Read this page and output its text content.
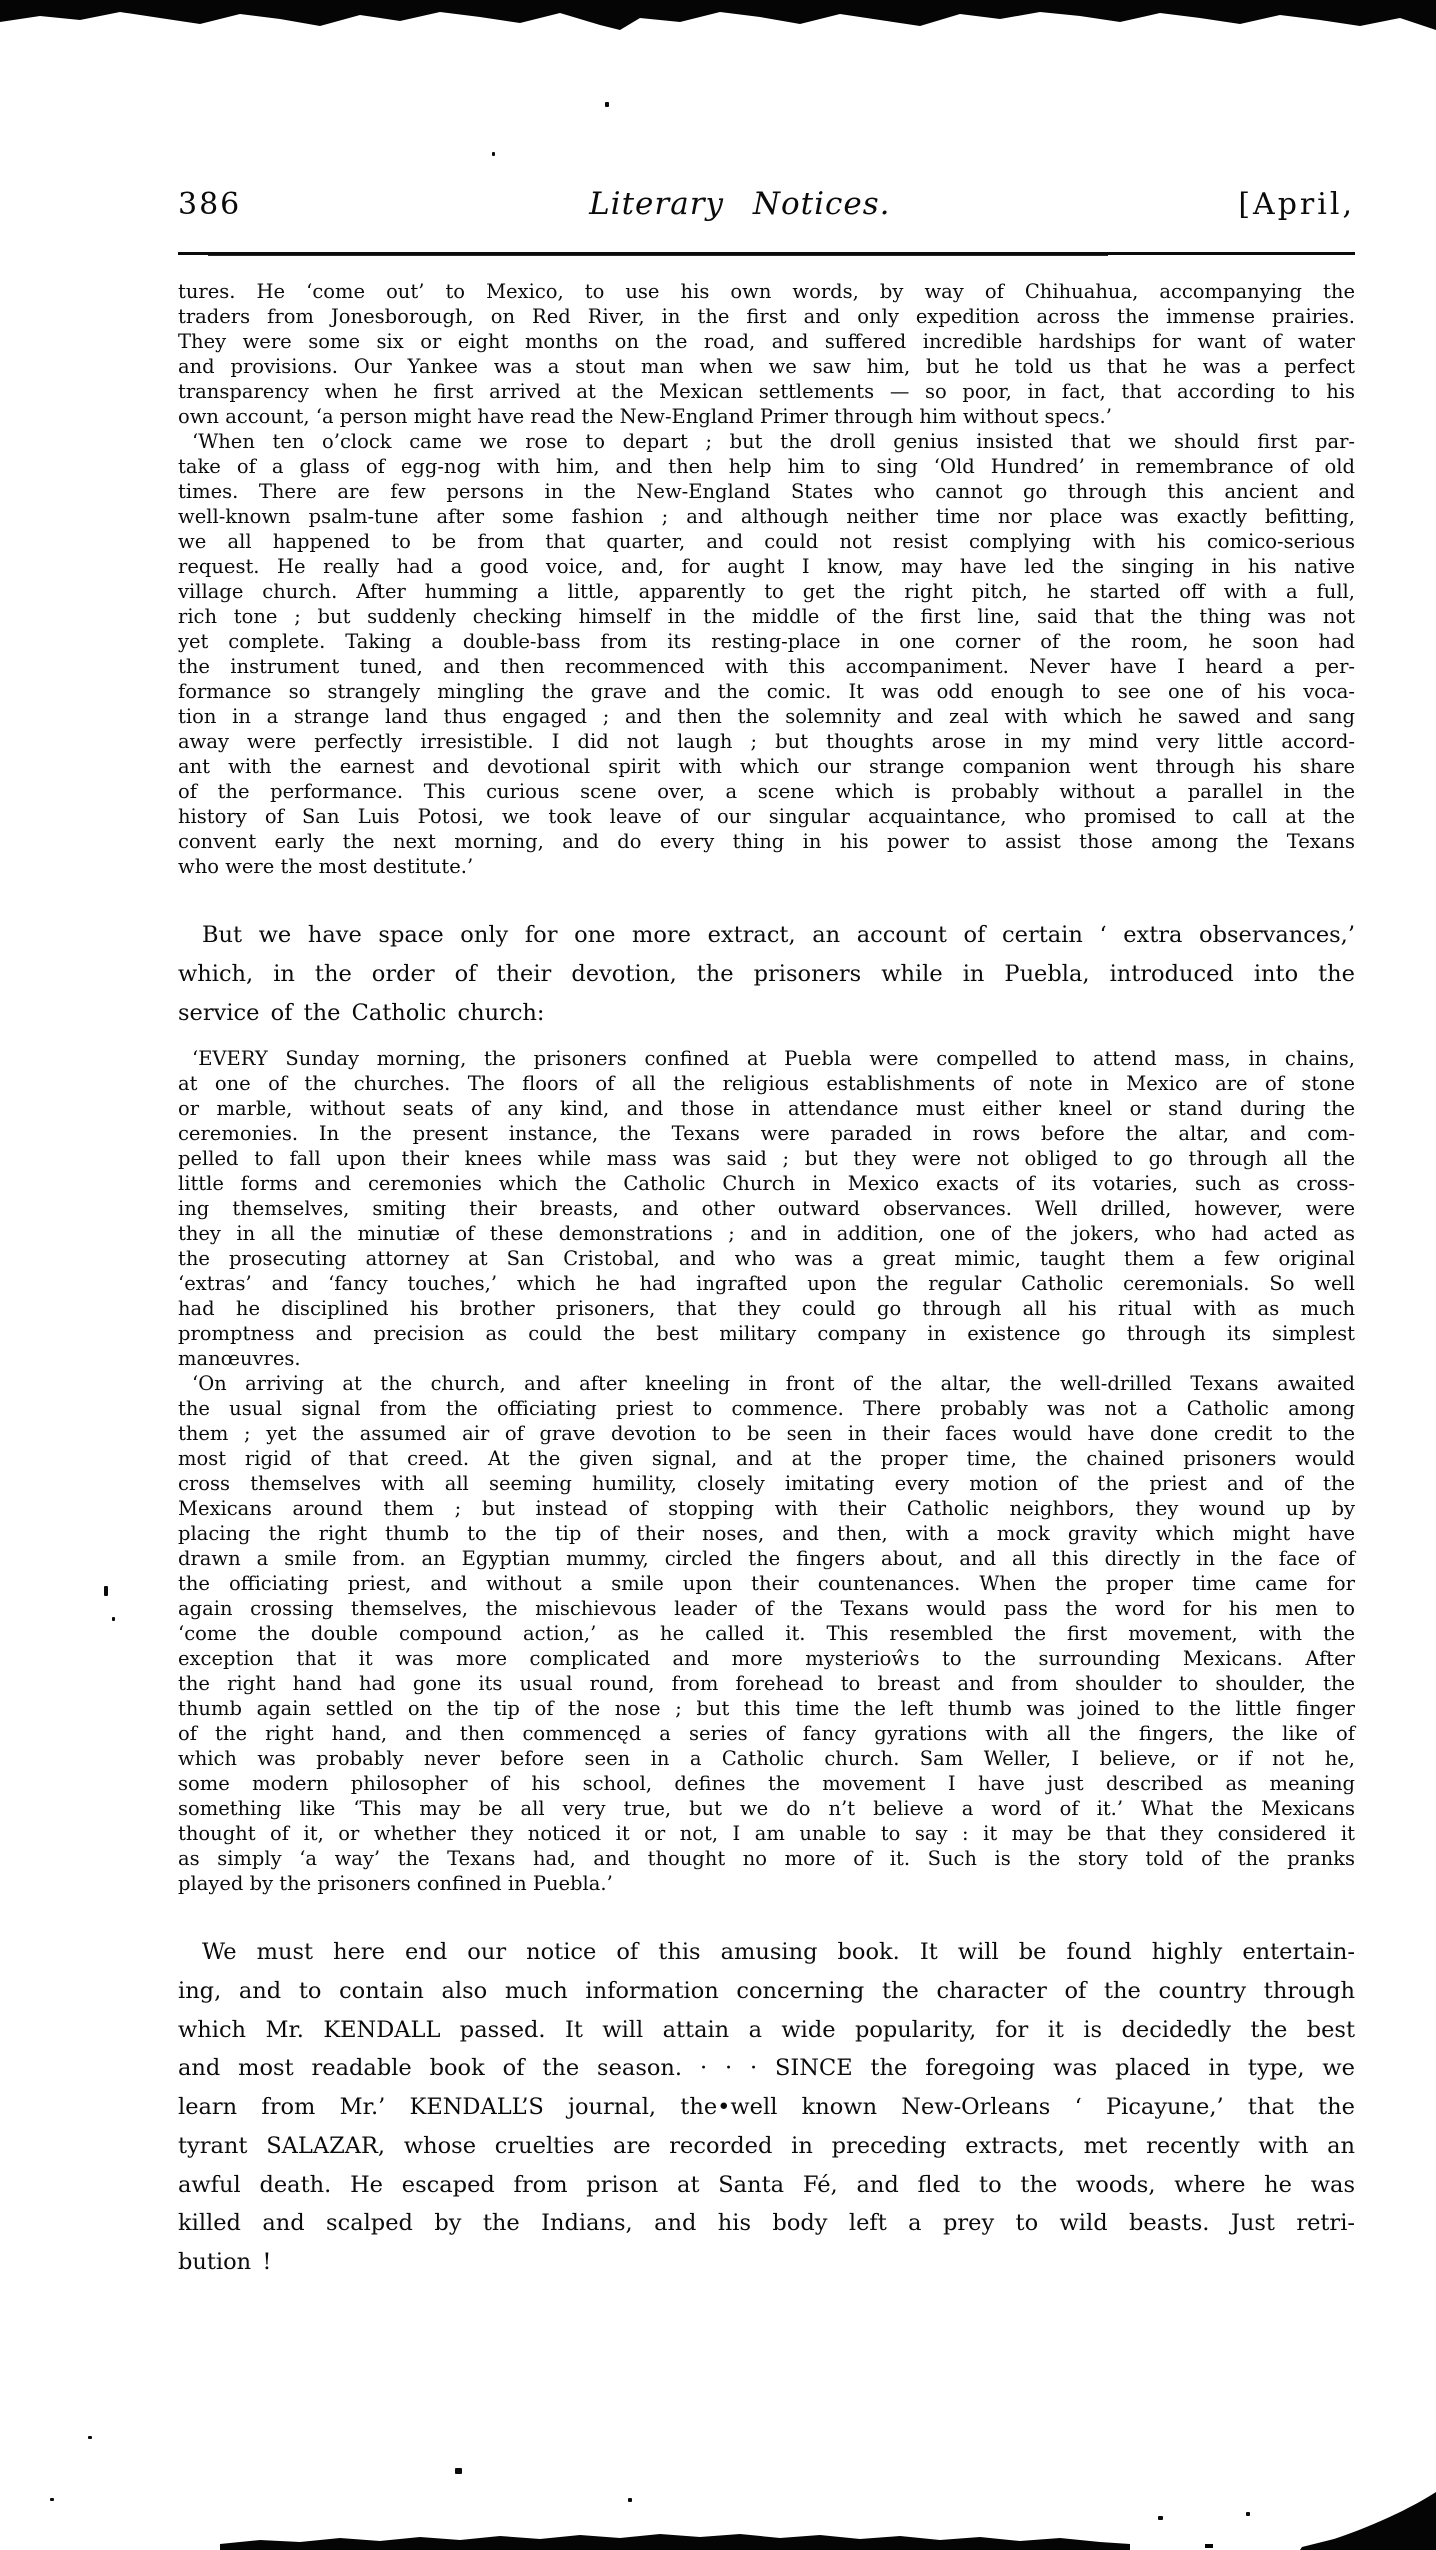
386	Literary Notices.	[April,
tures. He ‘come out’ to Mexico, to use his own words, by way of Chihuahua, accompanying the
traders from Jonesborough, on Red River, in the first and only expedition across the immense prairies.
They were some six or eight months on the road, and suffered incredible hardships for want of water
and provisions. Our Yankee was a stout man when we saw him, but he told us that he was a perfect
transparency when he first arrived at the Mexican settlements — so poor, in fact, that according to his
own account, ‘a person might have read the New-England Primer through him without specs.’
‘When ten o’clock came we rose to depart ; but the droll genius insisted that we should first par-
take of a glass of egg-nog with him, and then help him to sing ‘Old Hundred’ in remembrance of old
times. There are few persons in the New-England States who cannot go through this ancient and
well-known psalm-tune after some fashion ; and although neither time nor place was exactly befitting,
we all happened to be from that quarter, and could not resist complying with his comico-serious
request. He really had a good voice, and, for aught I know, may have led the singing in his native
village church. After humming a little, apparently to get the right pitch, he started off with a full,
rich tone ; but suddenly checking himself in the middle of the first line, said that the thing was not
yet complete. Taking a double-bass from its resting-place in one corner of the room, he soon had
the instrument tuned, and then recommenced with this accompaniment. Never have I heard a per-
formance so strangely mingling the grave and the comic. It was odd enough to see one of his voca-
tion in a strange land thus engaged ; and then the solemnity and zeal with which he sawed and sang
away were perfectly irresistible. I did not laugh ; but thoughts arose in my mind very little accord-
ant with the earnest and devotional spirit with which our strange companion went through his share
of the performance. This curious scene over, a scene which is probably without a parallel in the
history of San Luis Potosi, we took leave of our singular acquaintance, who promised to call at the
convent early the next morning, and do every thing in his power to assist those among the Texans
who were the most destitute.’
But we have space only for one more extract, an account of certain ‘ extra observances,’
which, in the order of their devotion, the prisoners while in Puebla, introduced into the
service of the Catholic church:
‘EVERY Sunday morning, the prisoners confined at Puebla were compelled to attend mass, in chains,
at one of the churches. The floors of all the religious establishments of note in Mexico are of stone
or marble, without seats of any kind, and those in attendance must either kneel or stand during the
ceremonies. In the present instance, the Texans were paraded in rows before the altar, and com-
pelled to fall upon their knees while mass was said ; but they were not obliged to go through all the
little forms and ceremonies which the Catholic Church in Mexico exacts of its votaries, such as cross-
ing themselves, smiting their breasts, and other outward observances. Well drilled, however, were
they in all the minutiæ of these demonstrations ; and in addition, one of the jokers, who had acted as
the prosecuting attorney at San Cristobal, and who was a great mimic, taught them a few original
‘extras’ and ‘fancy touches,’ which he had ingrafted upon the regular Catholic ceremonials. So well
had he disciplined his brother prisoners, that they could go through all his ritual with as much
promptness and precision as could the best military company in existence go through its simplest
manœuvres.
‘On arriving at the church, and after kneeling in front of the altar, the well-drilled Texans awaited
the usual signal from the officiating priest to commence. There probably was not a Catholic among
them ; yet the assumed air of grave devotion to be seen in their faces would have done credit to the
most rigid of that creed. At the given signal, and at the proper time, the chained prisoners would
cross themselves with all seeming humility, closely imitating every motion of the priest and of the
Mexicans around them ; but instead of stopping with their Catholic neighbors, they wound up by
placing the right thumb to the tip of their noses, and then, with a mock gravity which might have
drawn a smile from. an Egyptian mummy, circled the fingers about, and all this directly in the face of
the officiating priest, and without a smile upon their countenances. When the proper time came for
again crossing themselves, the mischievous leader of the Texans would pass the word for his men to
‘come the double compound action,’ as he called it. This resembled the first movement, with the
exception that it was more complicated and more mysterioŵs to the surrounding Mexicans. After
the right hand had gone its usual round, from forehead to breast and from shoulder to shoulder, the
thumb again settled on the tip of the nose ; but this time the left thumb was joined to the little finger
of the right hand, and then commencęd a series of fancy gyrations with all the fingers, the like of
which was probably never before seen in a Catholic church. Sam Weller, I believe, or if not he,
some modern philosopher of his school, defines the movement I have just described as meaning
something like ‘This may be all very true, but we do n’t believe a word of it.’ What the Mexicans
thought of it, or whether they noticed it or not, I am unable to say : it may be that they considered it
as simply ‘a way’ the Texans had, and thought no more of it. Such is the story told of the pranks
played by the prisoners confined in Puebla.’
We must here end our notice of this amusing book. It will be found highly entertain-
ing, and to contain also much information concerning the character of the country through
which Mr. KENDALL passed. It will attain a wide popularity, for it is decidedly the best
and most readable book of the season. · · · SINCE the foregoing was placed in type, we
learn from Mr.’ KENDALL’S journal, the•well known New-Orleans ‘ Picayune,’ that the
tyrant SALAZAR, whose cruelties are recorded in preceding extracts, met recently with an
awful death. He escaped from prison at Santa Fé, and fled to the woods, where he was
killed and scalped by the Indians, and his body left a prey to wild beasts. Just retri-
bution !
